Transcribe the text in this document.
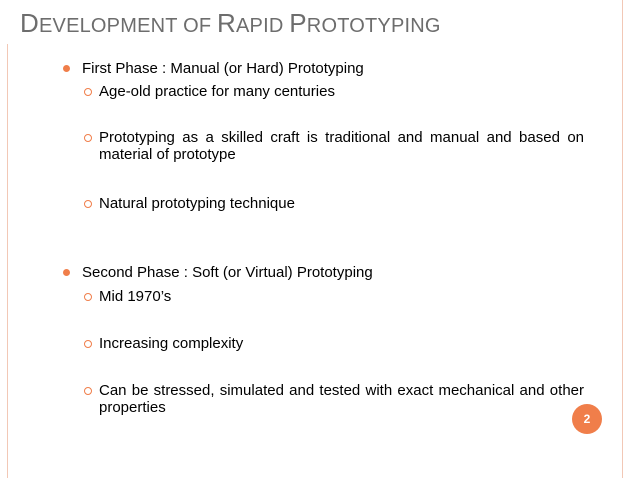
DEVELOPMENT OF RAPID PROTOTYPING
First Phase : Manual (or Hard) Prototyping
Age-old practice for many centuries
Prototyping as a skilled craft is traditional and manual and based on material of prototype
Natural prototyping technique
Second Phase : Soft (or Virtual) Prototyping
Mid 1970’s
Increasing complexity
Can be stressed, simulated and tested with exact mechanical and other properties
2
